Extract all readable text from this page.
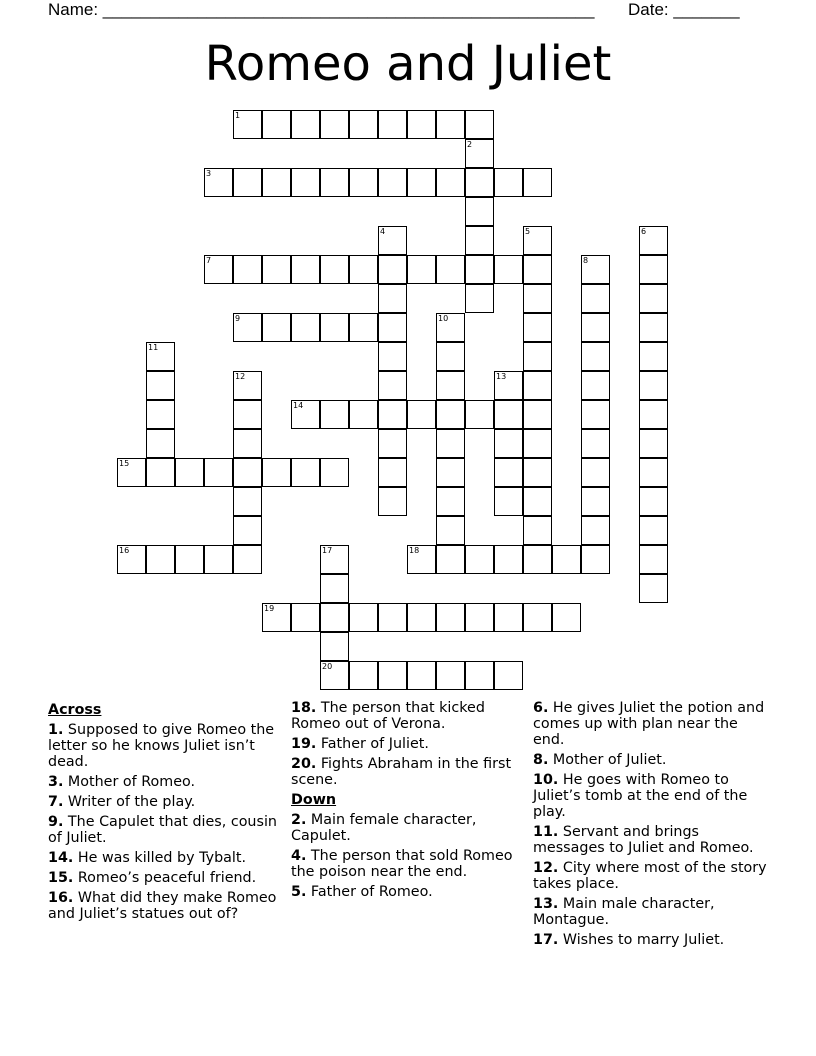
Name: ____________________________________________________ Date: _______
Romeo and Juliet
1
2
3
4	5	6
7	8
9	10
11
12	13
14
15
16	17
20
18
19
Across
1. Supposed to give Romeo the letter so he knows Juliet isn’t dead.
3. Mother of Romeo.
7. Writer of the play.
9. The Capulet that dies, cousin of Juliet.
14. He was killed by Tybalt.
15. Romeo’s peaceful friend.
16. What did they make Romeo and Juliet’s statues out of?
18. The person that kicked Romeo out of Verona.
19. Father of Juliet.
20. Fights Abraham in the first scene.
Down
2. Main female character, Capulet.
4. The person that sold Romeo the poison near the end.
5. Father of Romeo.
6. He gives Juliet the potion and comes up with plan near the end.
8. Mother of Juliet.
10. He goes with Romeo to Juliet’s tomb at the end of the play.
11. Servant and brings messages to Juliet and Romeo.
12. City where most of the story takes place.
13. Main male character, Montague.
17. Wishes to marry Juliet.
